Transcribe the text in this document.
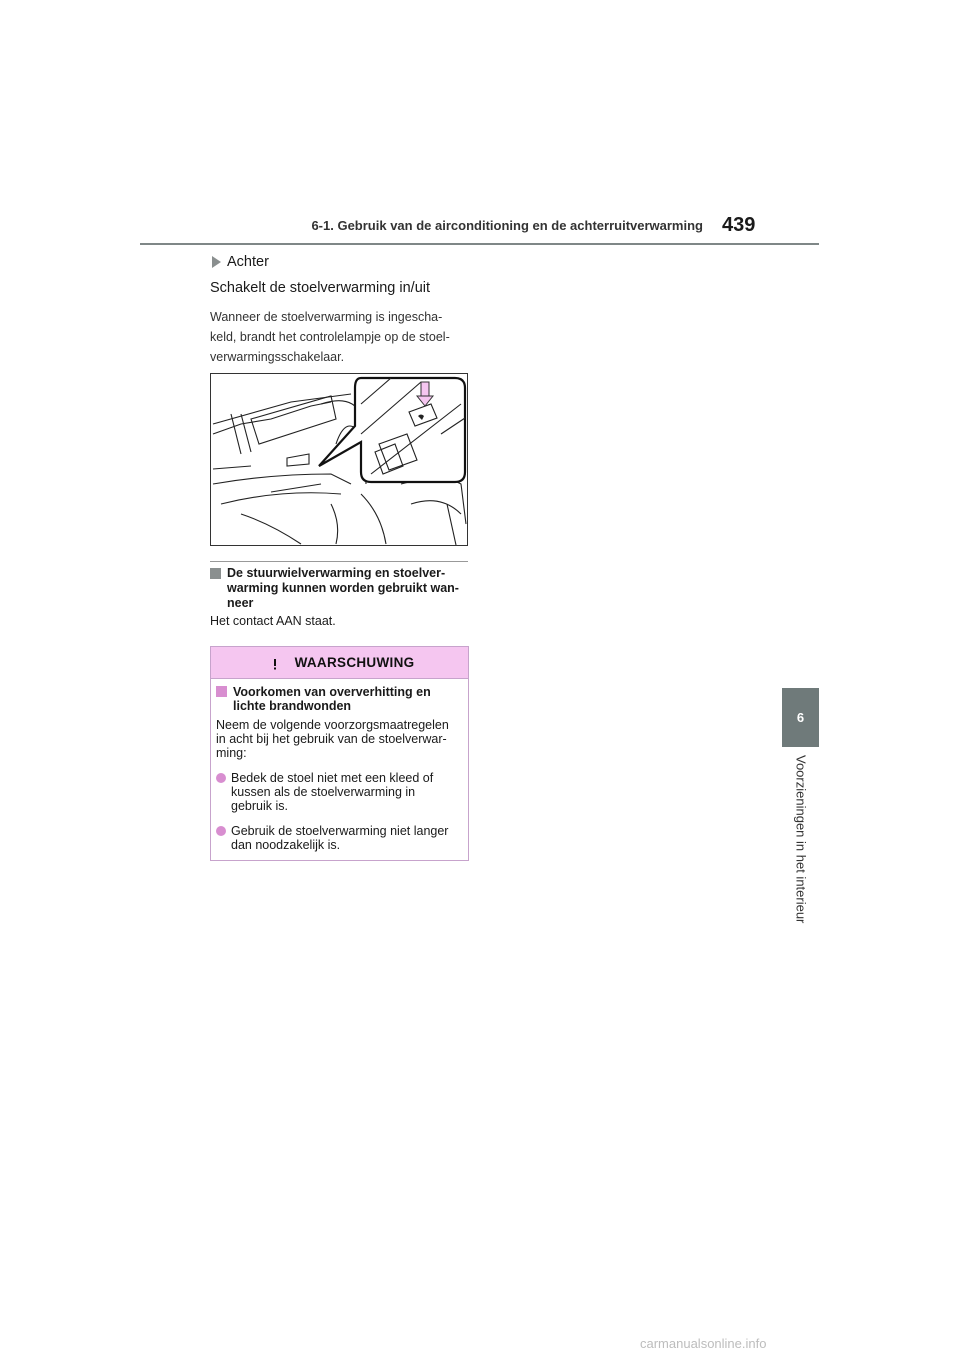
6-1. Gebruik van de airconditioning en de achterruitverwarming 439
6
Voorzieningen in het interieur
Achter
Schakelt de stoelverwarming in/uit
Wanneer de stoelverwarming is ingescha-
keld, brandt het controlelampje op de stoel-
verwarmingsschakelaar.
De stuurwielverwarming en stoelver-
warming kunnen worden gebruikt wan-
neer
Het contact AAN staat.
WAARSCHUWING
Voorkomen van oververhitting en
lichte brandwonden
Neem de volgende voorzorgsmaatregelen
in acht bij het gebruik van de stoelverwar-
ming:
Bedek de stoel niet met een kleed of
kussen als de stoelverwarming in
gebruik is.
Gebruik de stoelverwarming niet langer
dan noodzakelijk is.
carmanualsonline.info
